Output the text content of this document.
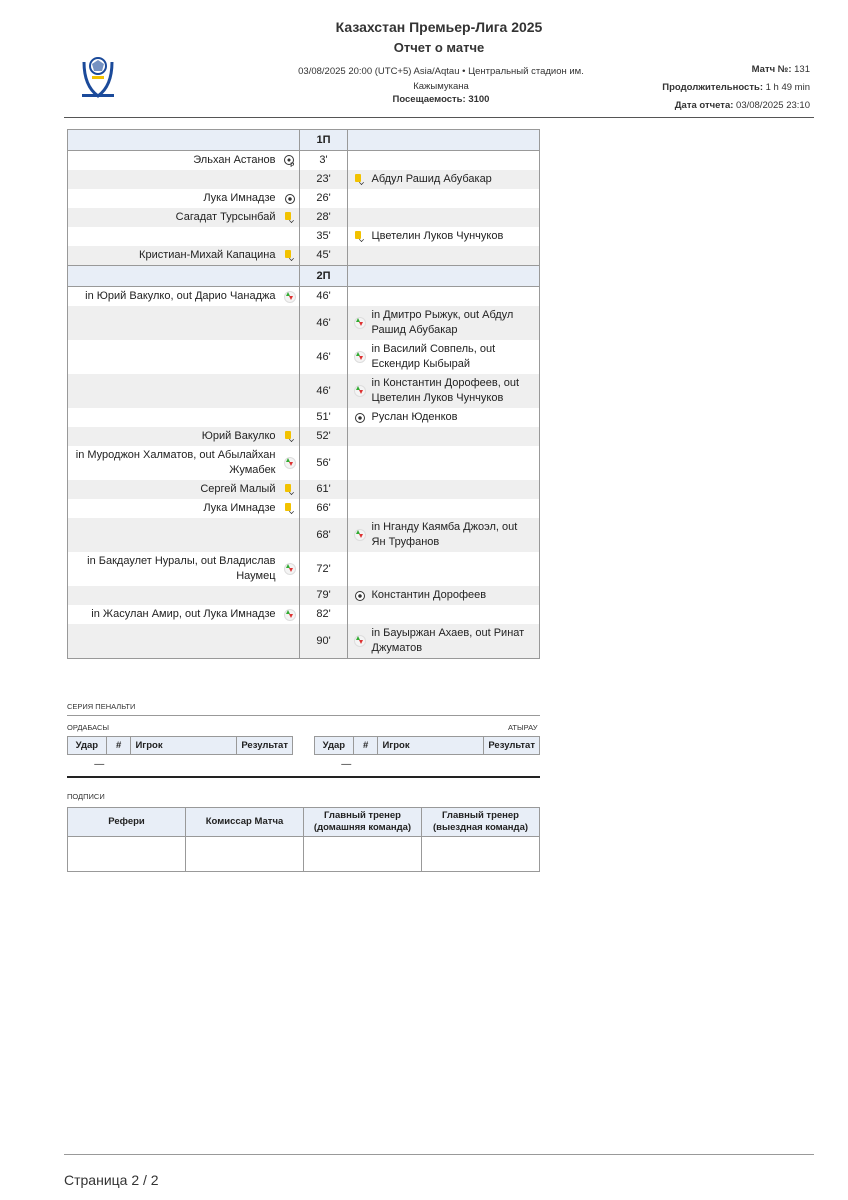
Казахстан Премьер-Лига 2025
Отчет о матче
03/08/2025 20:00 (UTC+5) Asia/Aqtau • Центральный стадион им. Кажымукана
Посещаемость: 3100
Матч №: 131
Продолжительность: 1 h 49 min
Дата отчета: 03/08/2025 23:10
		1П		
Эльхан Астанов	P	3'		
		23'		Абдул Рашид Абубакар
Лука Имнадзе		26'		
Сагадат Турсынбай		28'		
		35'		Цветелин Луков Чунчуков
Кристиан-Михай Капацина		45'		
		2П		
in Юрий Вакулко, out Дарио Чанаджа		46'		
		46'		in Дмитро Рыжук, out Абдул Рашид Абубакар
		46'		in Василий Совпель, out Ескендир Кыбырай
		46'		in Константин Дорофеев, out Цветелин Луков Чунчуков
		51'		Руслан Юденков
Юрий Вакулко		52'		
in Муроджон Халматов, out Абылайхан Жумабек		56'		
Сергей Малый		61'		
Лука Имнадзе		66'		
		68'		in Нганду Каямба Джоэл, out Ян Труфанов
in Бакдаулет Нуралы, out Владислав Наумец		72'		
		79'		Константин Дорофеев
in Жасулан Амир, out Лука Имнадзе		82'		
		90'		in Бауыржан Ахаев, out Ринат Джуматов
СЕРИЯ ПЕНАЛЬТИ
ОРДАБАСЫ	АТЫРАУ
Удар	#	Игрок	Результат
—			
Удар	#	Игрок	Результат
—			
ПОДПИСИ
Рефери	Комиссар Матча	Главный тренер (домашняя команда)	Главный тренер (выездная команда)

Страница 2 / 2
